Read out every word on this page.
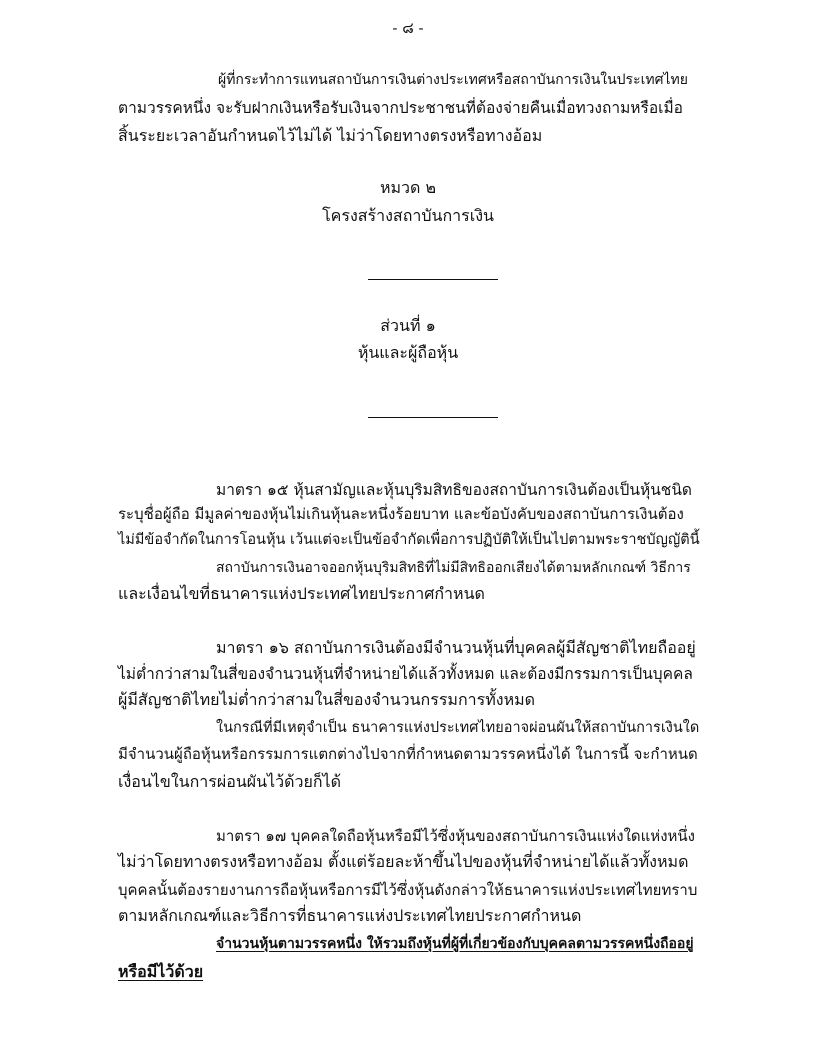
- ๘ -
ผู้ที่กระทำการแทนสถาบันการเงินต่างประเทศหรือสถาบันการเงินในประเทศไทย
ตามวรรคหนึ่ง จะรับฝากเงินหรือรับเงินจากประชาชนที่ต้องจ่ายคืนเมื่อทวงถามหรือเมื่อ
สิ้นระยะเวลาอันกำหนดไว้ไม่ได้ ไม่ว่าโดยทางตรงหรือทางอ้อม
หมวด ๒
โครงสร้างสถาบันการเงิน
ส่วนที่ ๑
หุ้นและผู้ถือหุ้น
มาตรา ๑๕ หุ้นสามัญและหุ้นบุริมสิทธิของสถาบันการเงินต้องเป็นหุ้นชนิด
ระบุชื่อผู้ถือ มีมูลค่าของหุ้นไม่เกินหุ้นละหนึ่งร้อยบาท และข้อบังคับของสถาบันการเงินต้อง
ไม่มีข้อจำกัดในการโอนหุ้น เว้นแต่จะเป็นข้อจำกัดเพื่อการปฏิบัติให้เป็นไปตามพระราชบัญญัตินี้
สถาบันการเงินอาจออกหุ้นบุริมสิทธิที่ไม่มีสิทธิออกเสียงได้ตามหลักเกณฑ์ วิธีการ
และเงื่อนไขที่ธนาคารแห่งประเทศไทยประกาศกำหนด
มาตรา ๑๖ สถาบันการเงินต้องมีจำนวนหุ้นที่บุคคลผู้มีสัญชาติไทยถืออยู่
ไม่ต่ำกว่าสามในสี่ของจำนวนหุ้นที่จำหน่ายได้แล้วทั้งหมด และต้องมีกรรมการเป็นบุคคล
ผู้มีสัญชาติไทยไม่ต่ำกว่าสามในสี่ของจำนวนกรรมการทั้งหมด
ในกรณีที่มีเหตุจำเป็น ธนาคารแห่งประเทศไทยอาจผ่อนผันให้สถาบันการเงินใด
มีจำนวนผู้ถือหุ้นหรือกรรมการแตกต่างไปจากที่กำหนดตามวรรคหนึ่งได้ ในการนี้ จะกำหนด
เงื่อนไขในการผ่อนผันไว้ด้วยก็ได้
มาตรา ๑๗ บุคคลใดถือหุ้นหรือมีไว้ซึ่งหุ้นของสถาบันการเงินแห่งใดแห่งหนึ่ง
ไม่ว่าโดยทางตรงหรือทางอ้อม ตั้งแต่ร้อยละห้าขึ้นไปของหุ้นที่จำหน่ายได้แล้วทั้งหมด
บุคคลนั้นต้องรายงานการถือหุ้นหรือการมีไว้ซึ่งหุ้นดังกล่าวให้ธนาคารแห่งประเทศไทยทราบ
ตามหลักเกณฑ์และวิธีการที่ธนาคารแห่งประเทศไทยประกาศกำหนด
จำนวนหุ้นตามวรรคหนึ่ง ให้รวมถึงหุ้นที่ผู้ที่เกี่ยวข้องกับบุคคลตามวรรคหนึ่งถืออยู่
หรือมีไว้ด้วย
